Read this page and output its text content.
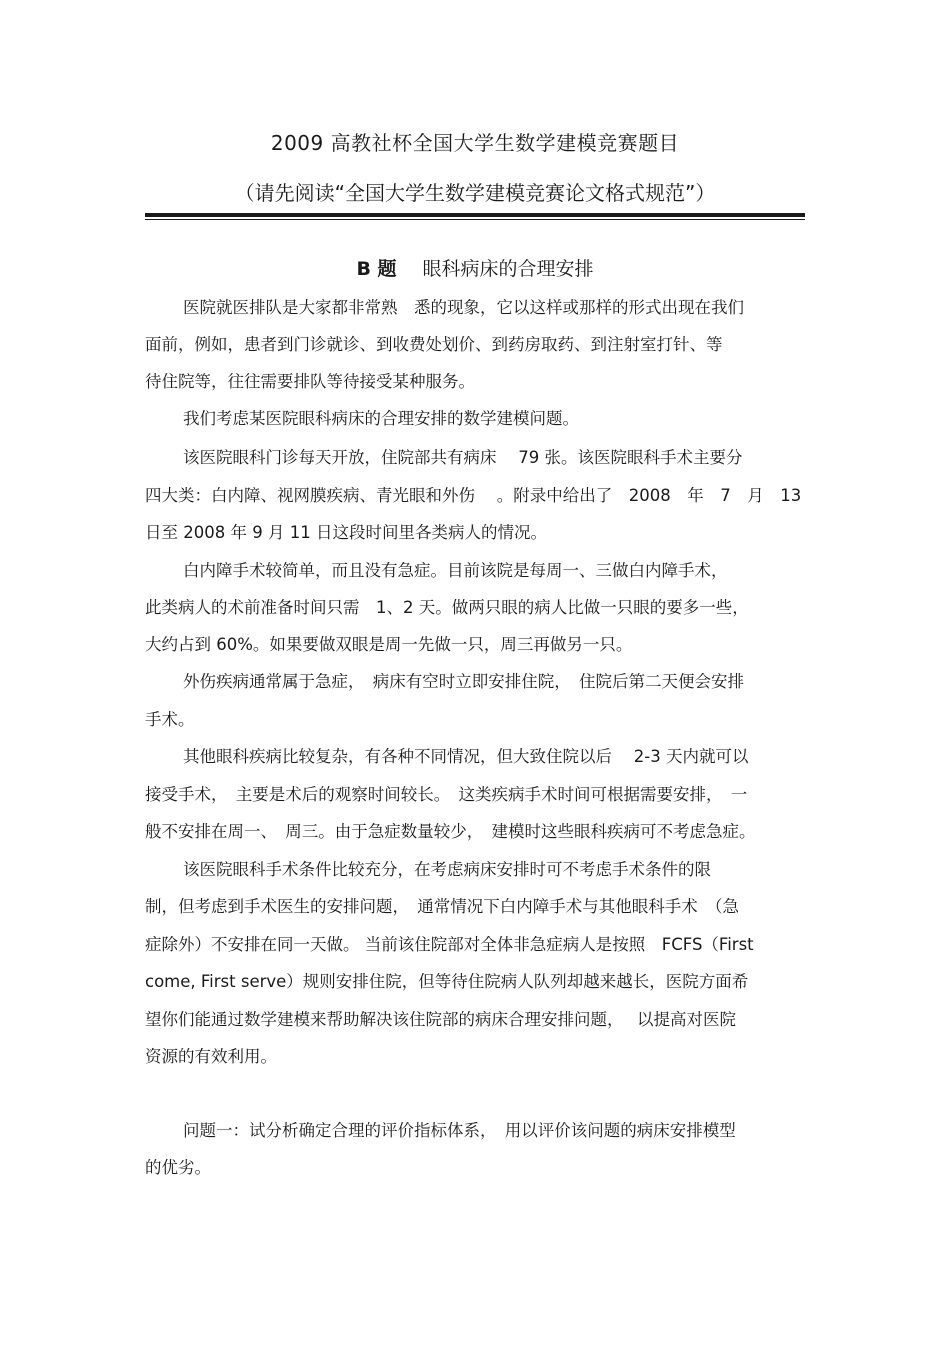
2009 高教社杯全国大学生数学建模竞赛题目
（请先阅读“全国大学生数学建模竞赛论文格式规范”）
B 题 眼科病床的合理安排
医院就医排队是大家都非常熟　悉的现象，它以这样或那样的形式出现在我们
面前，例如，患者到门诊就诊、到收费处划价、到药房取药、到注射室打针、等
待住院等，往往需要排队等待接受某种服务。
我们考虑某医院眼科病床的合理安排的数学建模问题。
该医院眼科门诊每天开放，住院部共有病床　 79 张。该医院眼科手术主要分
四大类：白内障、视网膜疾病、青光眼和外伤　 。附录中给出了　2008　年　7　月　13
日至 2008 年 9 月 11 日这段时间里各类病人的情况。
白内障手术较简单，而且没有急症。目前该院是每周一、三做白内障手术，
此类病人的术前准备时间只需　1、2 天。做两只眼的病人比做一只眼的要多一些，
大约占到 60%。如果要做双眼是周一先做一只，周三再做另一只。
外伤疾病通常属于急症，　病床有空时立即安排住院，　住院后第二天便会安排
手术。
其他眼科疾病比较复杂，有各种不同情况，但大致住院以后　 2-3 天内就可以
接受手术，　主要是术后的观察时间较长。　这类疾病手术时间可根据需要安排，　一
般不安排在周一、　周三。由于急症数量较少，　建模时这些眼科疾病可不考虑急症。
该医院眼科手术条件比较充分，在考虑病床安排时可不考虑手术条件的限
制，但考虑到手术医生的安排问题，　通常情况下白内障手术与其他眼科手术　（急
症除外）不安排在同一天做。 当前该住院部对全体非急症病人是按照　FCFS（First
come, First serve）规则安排住院，但等待住院病人队列却越来越长，医院方面希
望你们能通过数学建模来帮助解决该住院部的病床合理安排问题，　 以提高对医院
资源的有效利用。
问题一：试分析确定合理的评价指标体系，　用以评价该问题的病床安排模型
的优劣。
